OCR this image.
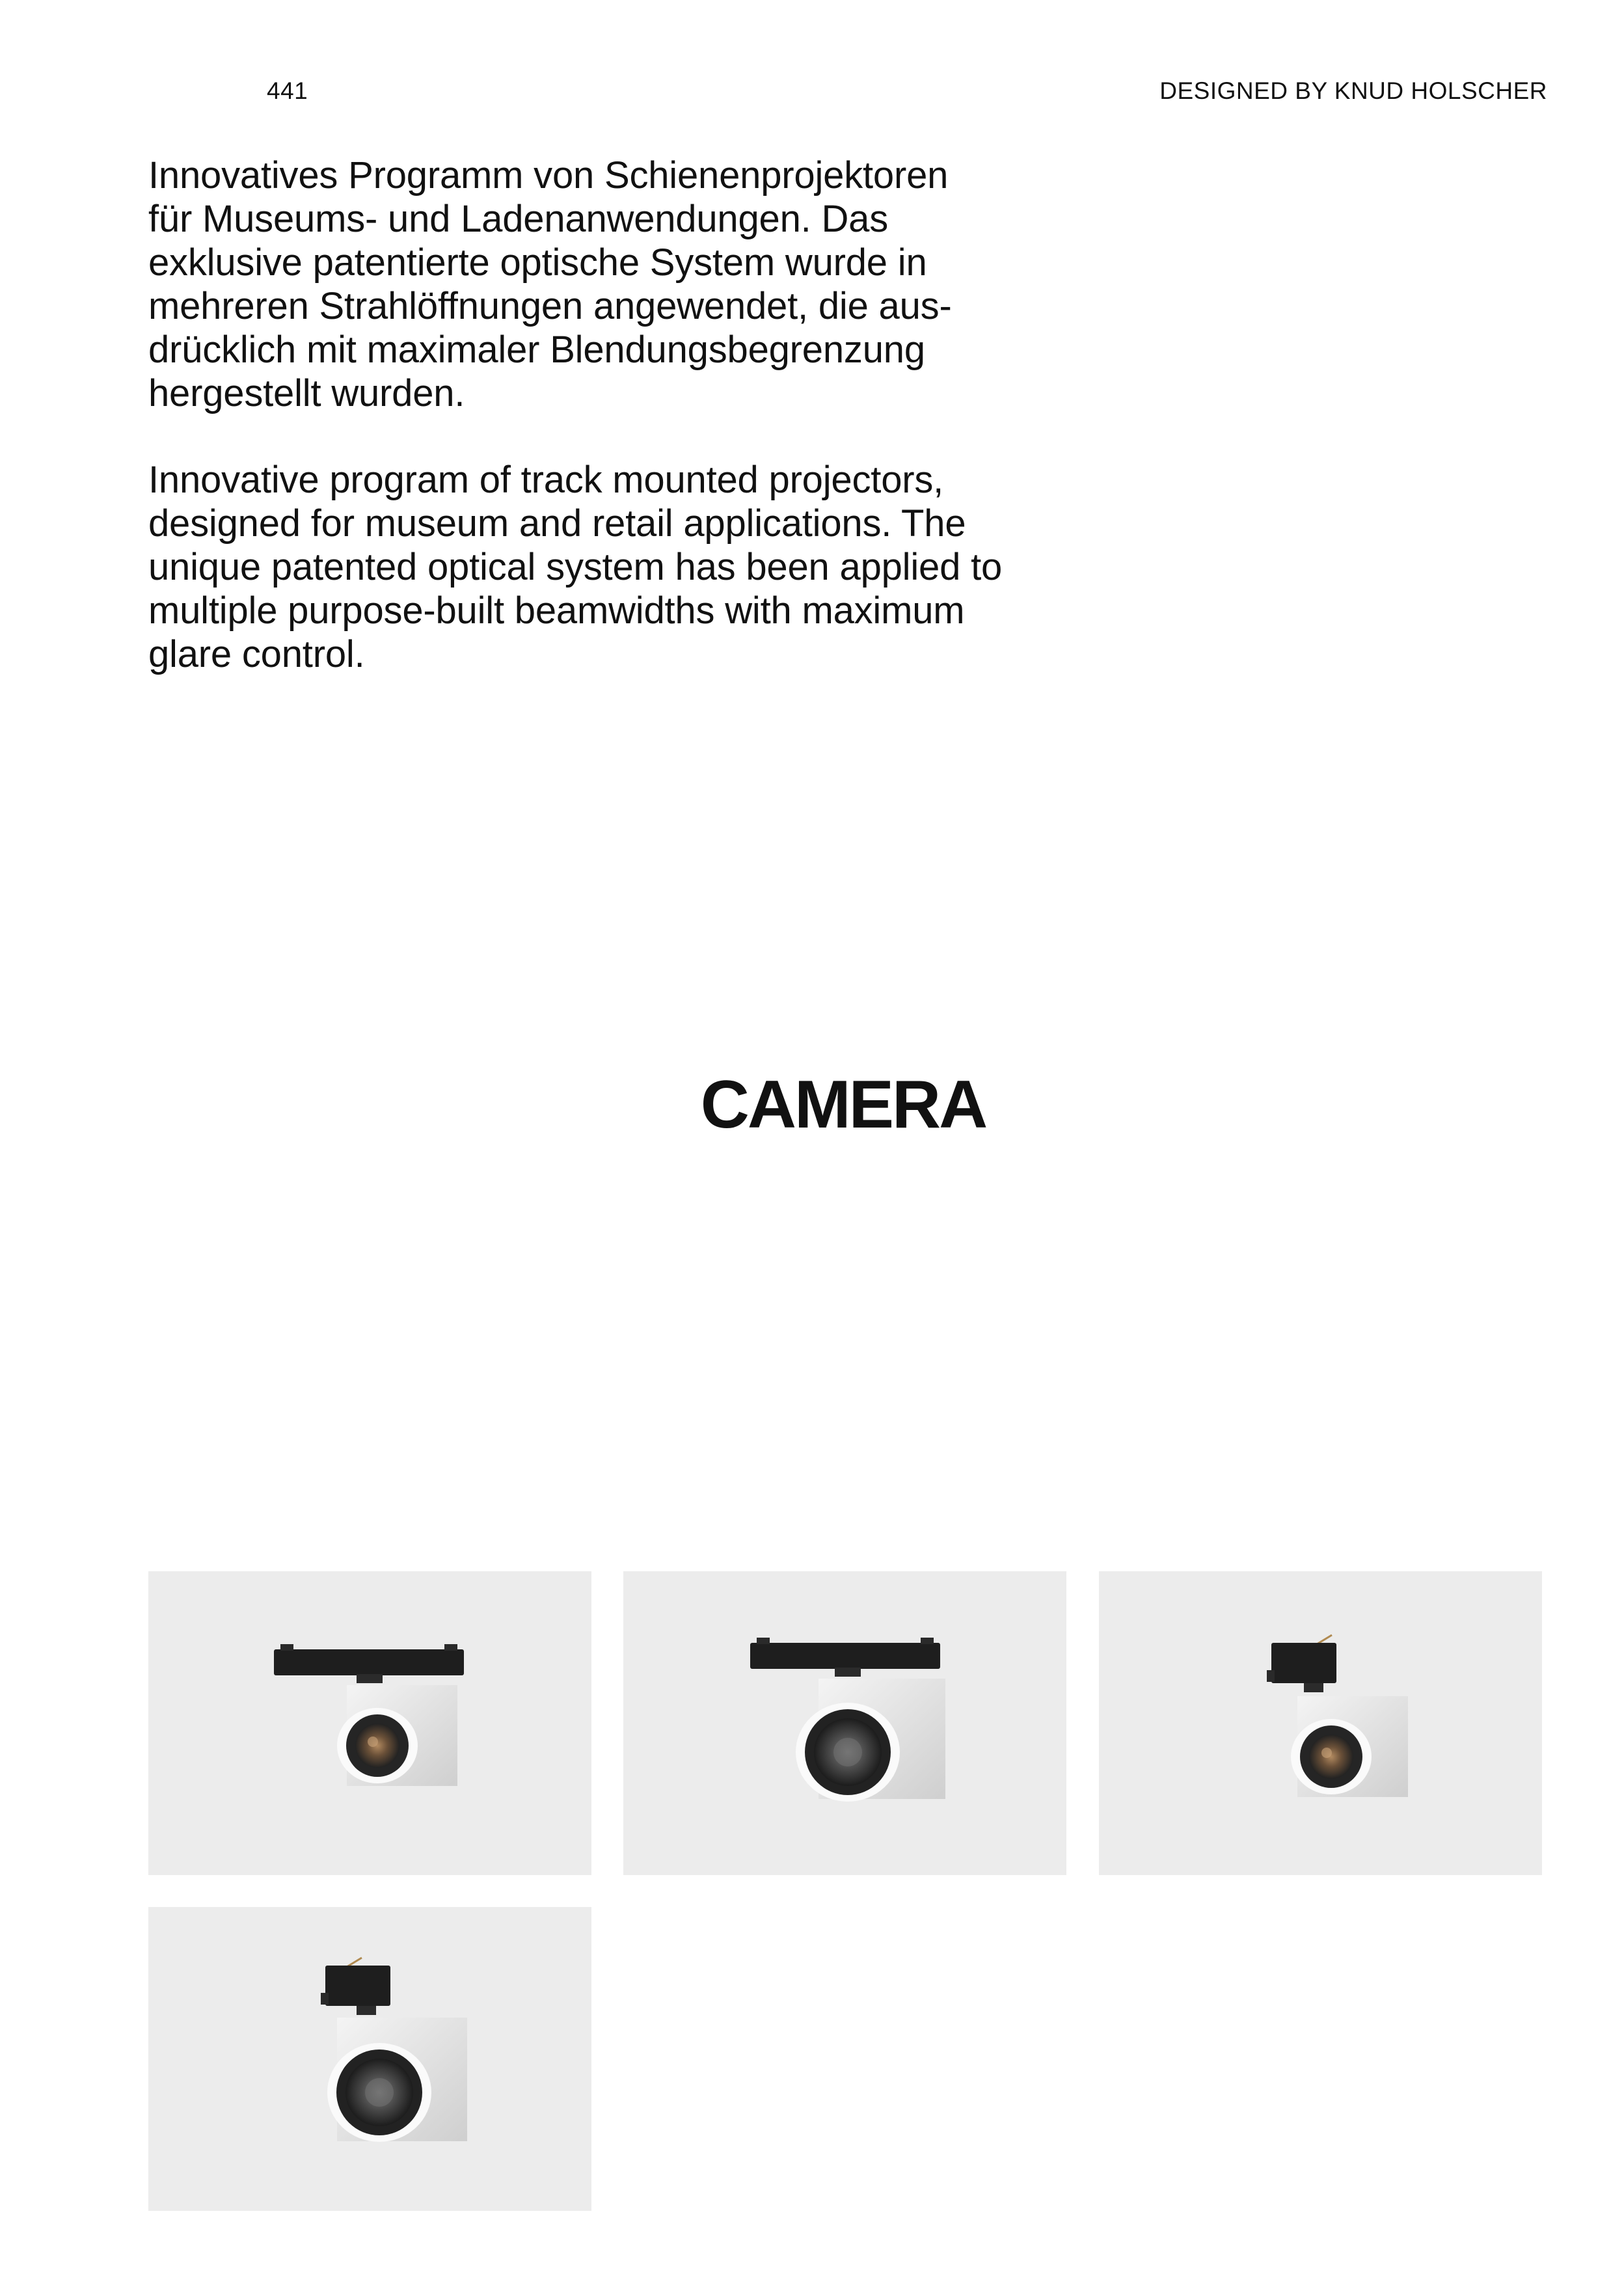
441	DESIGNED BY KNUD HOLSCHER

Innovatives Programm von Schienenprojektoren
für Museums- und Ladenanwendungen. Das
exklusive patentierte optische System wurde in
mehreren Strahlöffnungen angewendet, die aus-
drücklich mit maximaler Blendungsbegrenzung
hergestellt wurden.

Innovative program of track mounted projectors,
designed for museum and retail applications. The
unique patented optical system has been applied to
multiple purpose-built beamwidths with maximum
glare control.

CAMERA
